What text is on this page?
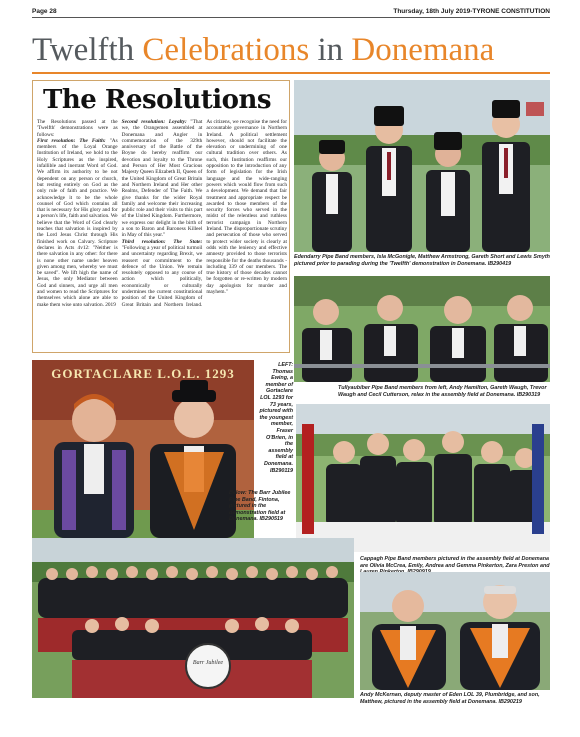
Page 28	Thursday, 18th July 2019-TYRONE CONSTITUTION
Twelfth Celebrations in Donemana
The Resolutions

The Resolutions passed at the 'Twelfth' demonstrations were as follows:

First resolution: The Faith: "As members of the Loyal Orange Institution of Ireland, we hold to the Holy Scriptures as the inspired, infallible and inerrant Word of God. We affirm its authority to be not dependent on any person or church, but resting entirely on God as the only rule of faith and practice. We acknowledge it to be the whole counsel of God which contains all that is necessary for His glory and for a person's life, faith and salvation. We believe that the Word of God clearly teaches that salvation is inspired by the Lord Jesus Christ through His finished work on Calvary. Scripture declares in Acts 4v12: "Neither is there salvation in any other: for there is none other name under heaven given among men, whereby we must be saved". We lift high the name of Jesus, the only Mediator between God and sinners, and urge all men and women to read the Scriptures for themselves which alone are able to make them wise unto salvation. 2019

Second resolution: Loyalty: "That we, the Orangemen assembled at Donemana and Angler in commemoration of the 329th anniversary of the Battle of the Boyne do hereby reaffirm our devotion and loyalty to the Throne and Person of Her Most Gracious Majesty Queen Elizabeth II, Queen of the United Kingdom of Great Britain and Northern Ireland and Her other Realms, Defender of The Faith. We give thanks for the wider Royal family and welcome their increasing public role and their visits to this part of the United Kingdom. Furthermore, we express our delight in the birth of a son to Baron and Baroness Killeel in May of this year."

Third resolution: The State: "Following a year of political turmoil and uncertainty regarding Brexit, we reassert our commitment to the defence of the Union. We remain resolutely opposed to any course of action which politically, economically or culturally undermines the current constitutional position of the United Kingdom of Great Britain and Northern Ireland. As citizens, we recognise the need for accountable governance in Northern Ireland. A political settlement however, should not facilitate the elevation or undermining of one cultural tradition over others. As such, this Institution reaffirms our opposition to the introduction of any form of legislation for the Irish language and the wide-ranging powers which would flow from such a development. We demand that fair treatment and appropriate respect be awarded to those members of the security forces who served in the midst of the relentless and ruthless terrorist campaign in Northern Ireland. The disproportionate scrutiny and persecution of those who served to protect wider society is clearly at odds with the leniency and effective amnesty provided to those terrorists responsible for the deaths thousands - including 339 of our members. The true history of those decades cannot be forgotten or re-written by modern day apologists for murder and mayhem."

Edendarry Pipe Band members, Isla McGonigle, Matthew Armstrong, Gareth Short and Lewis Smyth pictured prior to parading during the 'Twelfth' demonstration in Donemana. IB290419
Tullyaubiber Pipe Band members from left, Andy Hamilton, Gareth Waugh, Trevor Waugh and Cecil Cutterson, relax in the assembly field at Donemana. IB290319
GORTACLARE L.O.L. 1293
LEFT: Thomas Ewing, a member of Gortaclare LOL 1293 for 73 years, pictured with the youngest member, Fraser O'Brien, in the assembly field at Donemana. IB290119
Below: The Barr Jubilee Pipe Band, Fintona, pictured in the demonstration field at Donemana. IB290519
Cappagh Pipe Band members pictured in the assembly field at Donemana are Olivia McCrea, Emily, Andrea and Gemma Pinkerton, Zara Preston and
Barr Jubilee
Andy McKernan, deputy master of Eden LOL 39, Plumbridge, and son, Matthew, pictured in the assembly field at Donemana. IB290219
